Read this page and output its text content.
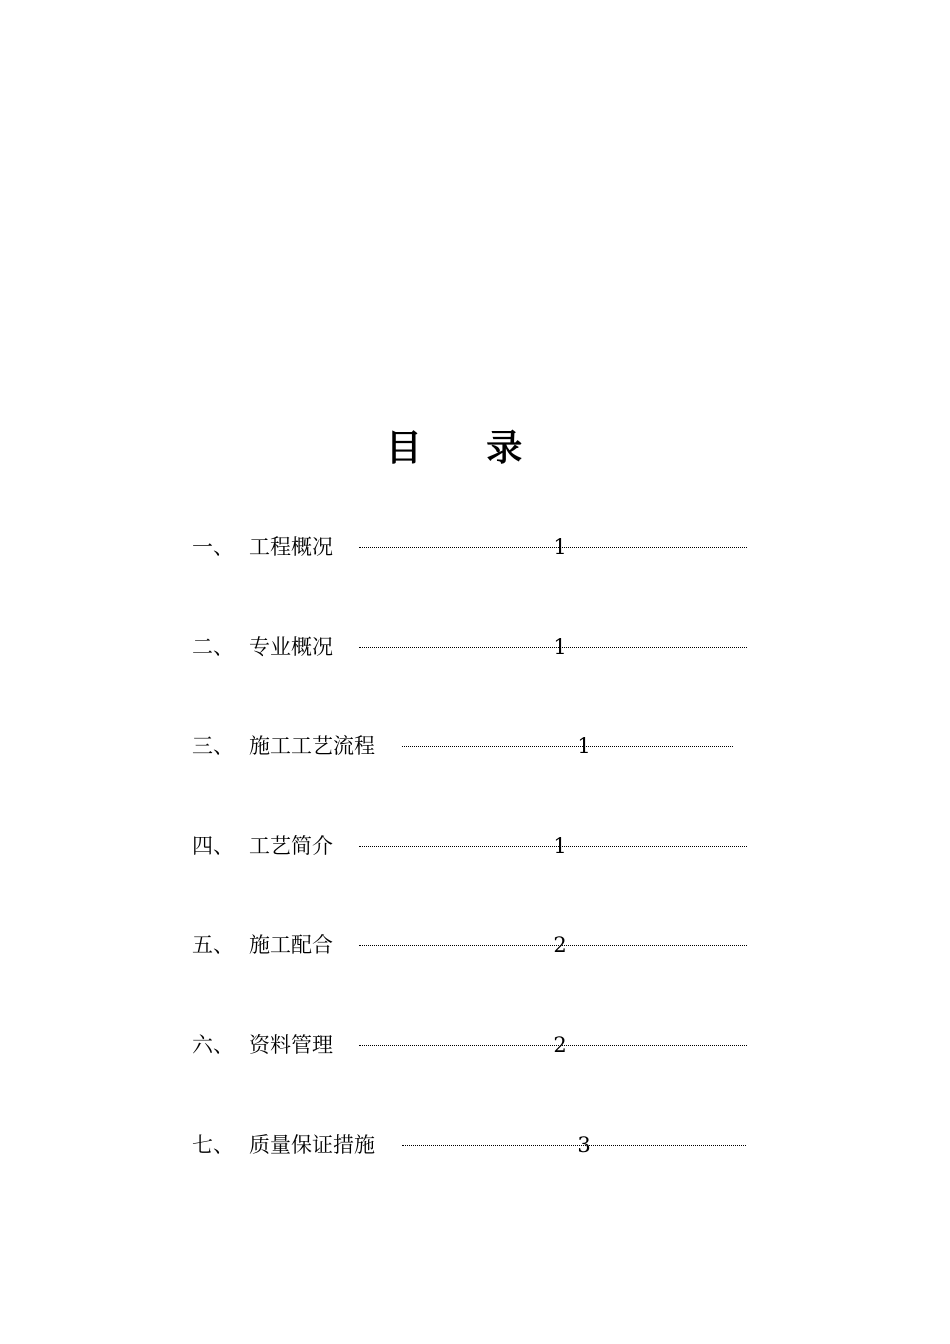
目 录
一、 工程概况	1
二、 专业概况	1
三、 施工工艺流程	1
四、 工艺简介	1
五、 施工配合	2
六、 资料管理	2
七、 质量保证措施	3
